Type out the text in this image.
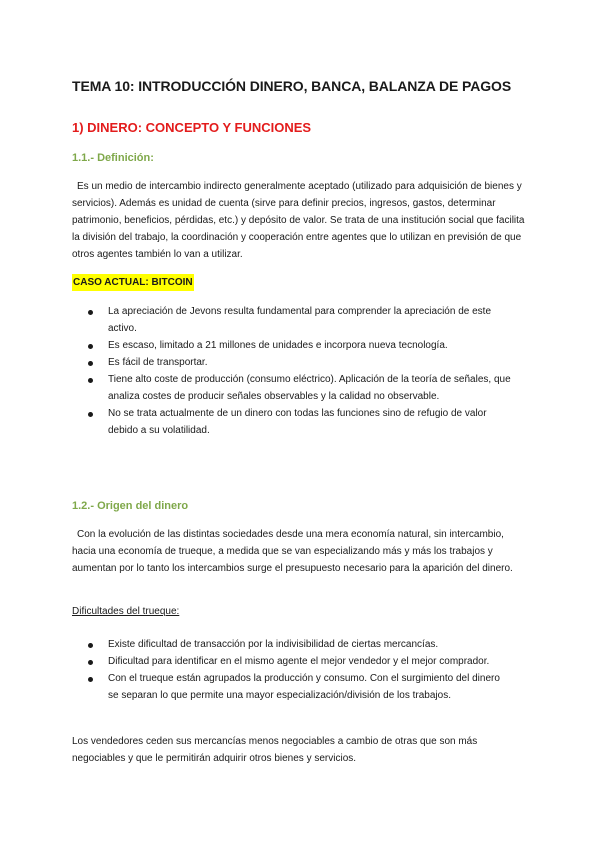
TEMA 10: INTRODUCCIÓN DINERO, BANCA, BALANZA DE PAGOS
1) DINERO: CONCEPTO Y FUNCIONES
1.1.- Definición:

Es un medio de intercambio indirecto generalmente aceptado (utilizado para adquisición de bienes y servicios). Además es unidad de cuenta (sirve para definir precios, ingresos, gastos, determinar patrimonio, beneficios, pérdidas, etc.) y depósito de valor. Se trata de una institución social que facilita la división del trabajo, la coordinación y cooperación entre agentes que lo utilizan en previsión de que otros agentes también lo van a utilizar.

CASO ACTUAL: BITCOIN
La apreciación de Jevons resulta fundamental para comprender la apreciación de este activo.
Es escaso, limitado a 21 millones de unidades e incorpora nueva tecnología.
Es fácil de transportar.
Tiene alto coste de producción (consumo eléctrico). Aplicación de la teoría de señales, que analiza costes de producir señales observables y la calidad no observable.
No se trata actualmente de un dinero con todas las funciones sino de refugio de valor debido a su volatilidad.
1.2.- Origen del dinero

Con la evolución de las distintas sociedades desde una mera economía natural, sin intercambio, hacia una economía de trueque, a medida que se van especializando más y más los trabajos y aumentan por lo tanto los intercambios surge el presupuesto necesario para la aparición del dinero.

Dificultades del trueque:
Existe dificultad de transacción por la indivisibilidad de ciertas mercancías.
Dificultad para identificar en el mismo agente el mejor vendedor y el mejor comprador.
Con el trueque están agrupados la producción y consumo. Con el surgimiento del dinero se separan lo que permite una mayor especialización/división de los trabajos.

Los vendedores ceden sus mercancías menos negociables a cambio de otras que son más negociables y que le permitirán adquirir otros bienes y servicios.
